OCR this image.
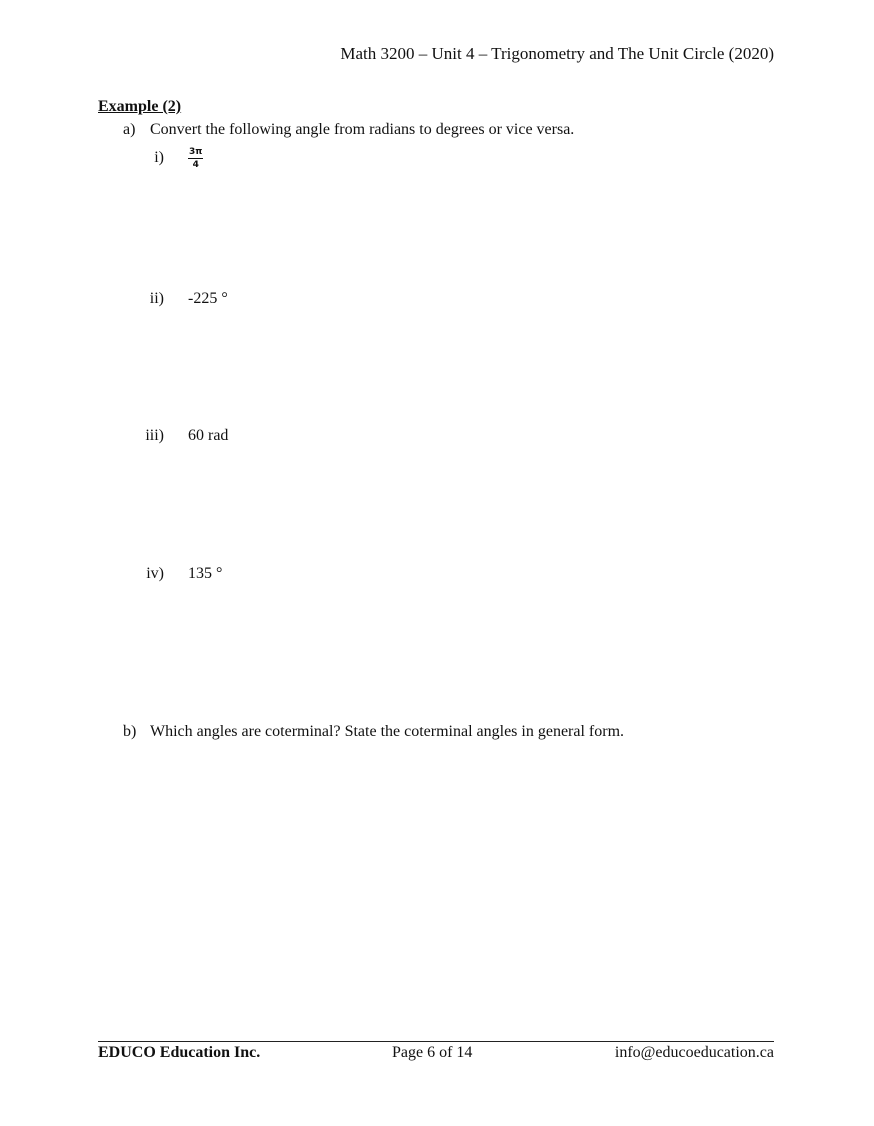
Math 3200 – Unit 4 – Trigonometry and The Unit Circle (2020)
Example (2)
a) Convert the following angle from radians to degrees or vice versa.
i)	$\frac{3\pi}{4}$
ii) -225 °
iii) 60 rad
iv) 135 °
b) Which angles are coterminal? State the coterminal angles in general form.
EDUCO Education Inc.	Page 6 of 14	info@educoeducation.ca
